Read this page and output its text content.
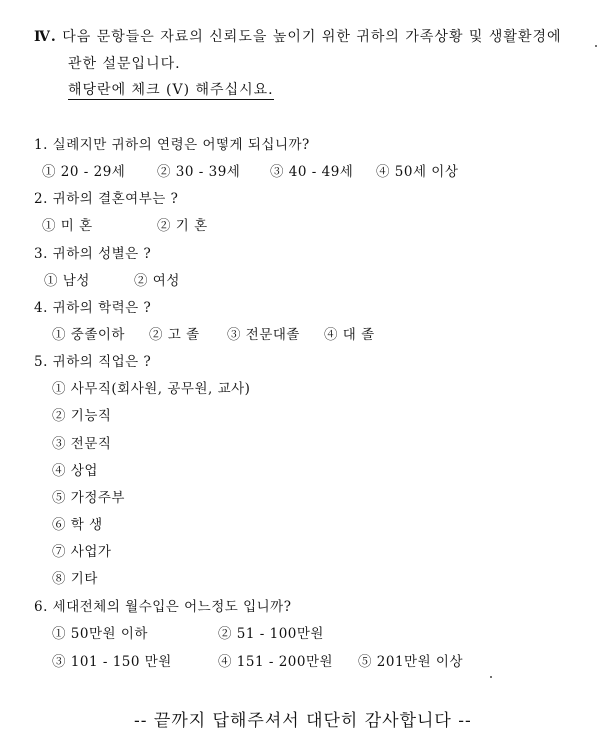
Ⅳ. 다음 문항들은 자료의 신뢰도을 높이기 위한 귀하의 가족상황 및 생활환경에
관한 설문입니다.
해당란에 체크 (V) 해주십시요.
1. 실례지만 귀하의 연령은 어떻게 되십니까?
① 20 - 29세 ② 30 - 39세 ③ 40 - 49세 ④ 50세 이상
2. 귀하의 결혼여부는 ?
① 미 혼	② 기 혼
3. 귀하의 성별은 ?
① 남성	② 여성
4. 귀하의 학력은 ?
① 중졸이하 ② 고 졸 ③ 전문대졸 ④ 대 졸
5. 귀하의 직업은 ?
① 사무직(회사원, 공무원, 교사)
② 기능직
③ 전문직
④ 상업
⑤ 가정주부
⑥ 학 생
⑦ 사업가
⑧ 기타
6. 세대전체의 월수입은 어느정도 입니까?
① 50만원 이하	② 51 - 100만원
③ 101 - 150 만원	④ 151 - 200만원 ⑤ 201만원 이상
-- 끝까지 답해주셔서 대단히 감사합니다 --
